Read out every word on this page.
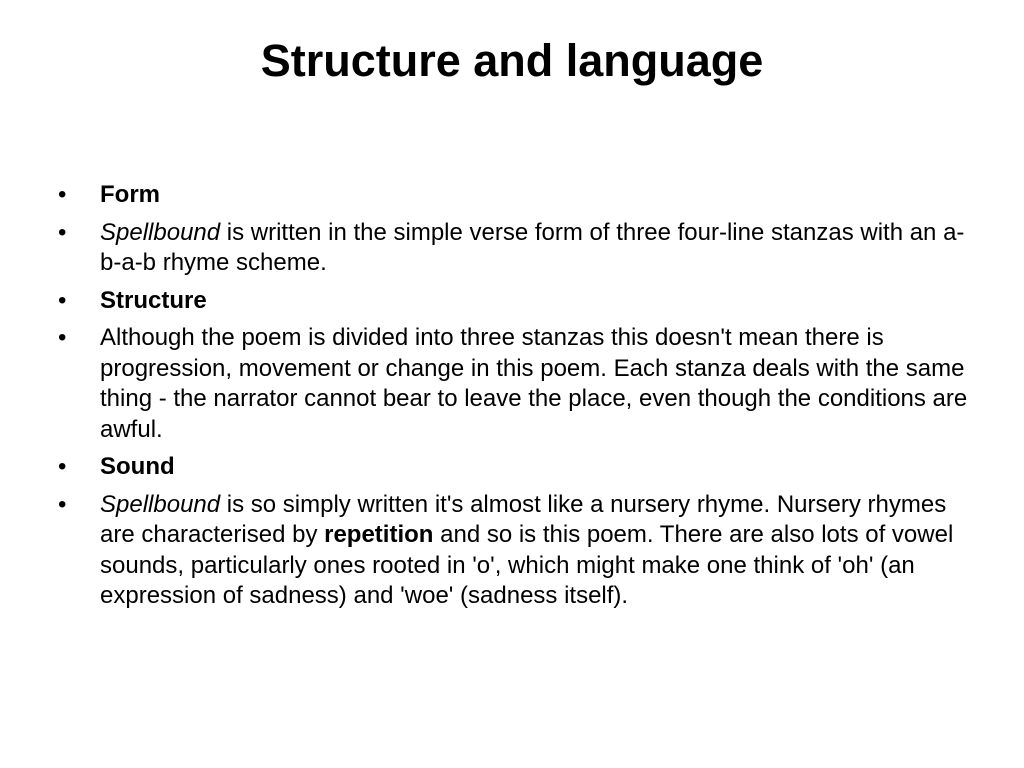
Structure and language
• Form
• Spellbound is written in the simple verse form of three four-line stanzas with an a-b-a-b rhyme scheme.
• Structure
• Although the poem is divided into three stanzas this doesn't mean there is progression, movement or change in this poem. Each stanza deals with the same thing - the narrator cannot bear to leave the place, even though the conditions are awful.
• Sound
• Spellbound is so simply written it's almost like a nursery rhyme. Nursery rhymes are characterised by repetition and so is this poem. There are also lots of vowel sounds, particularly ones rooted in 'o', which might make one think of 'oh' (an expression of sadness) and 'woe' (sadness itself).
